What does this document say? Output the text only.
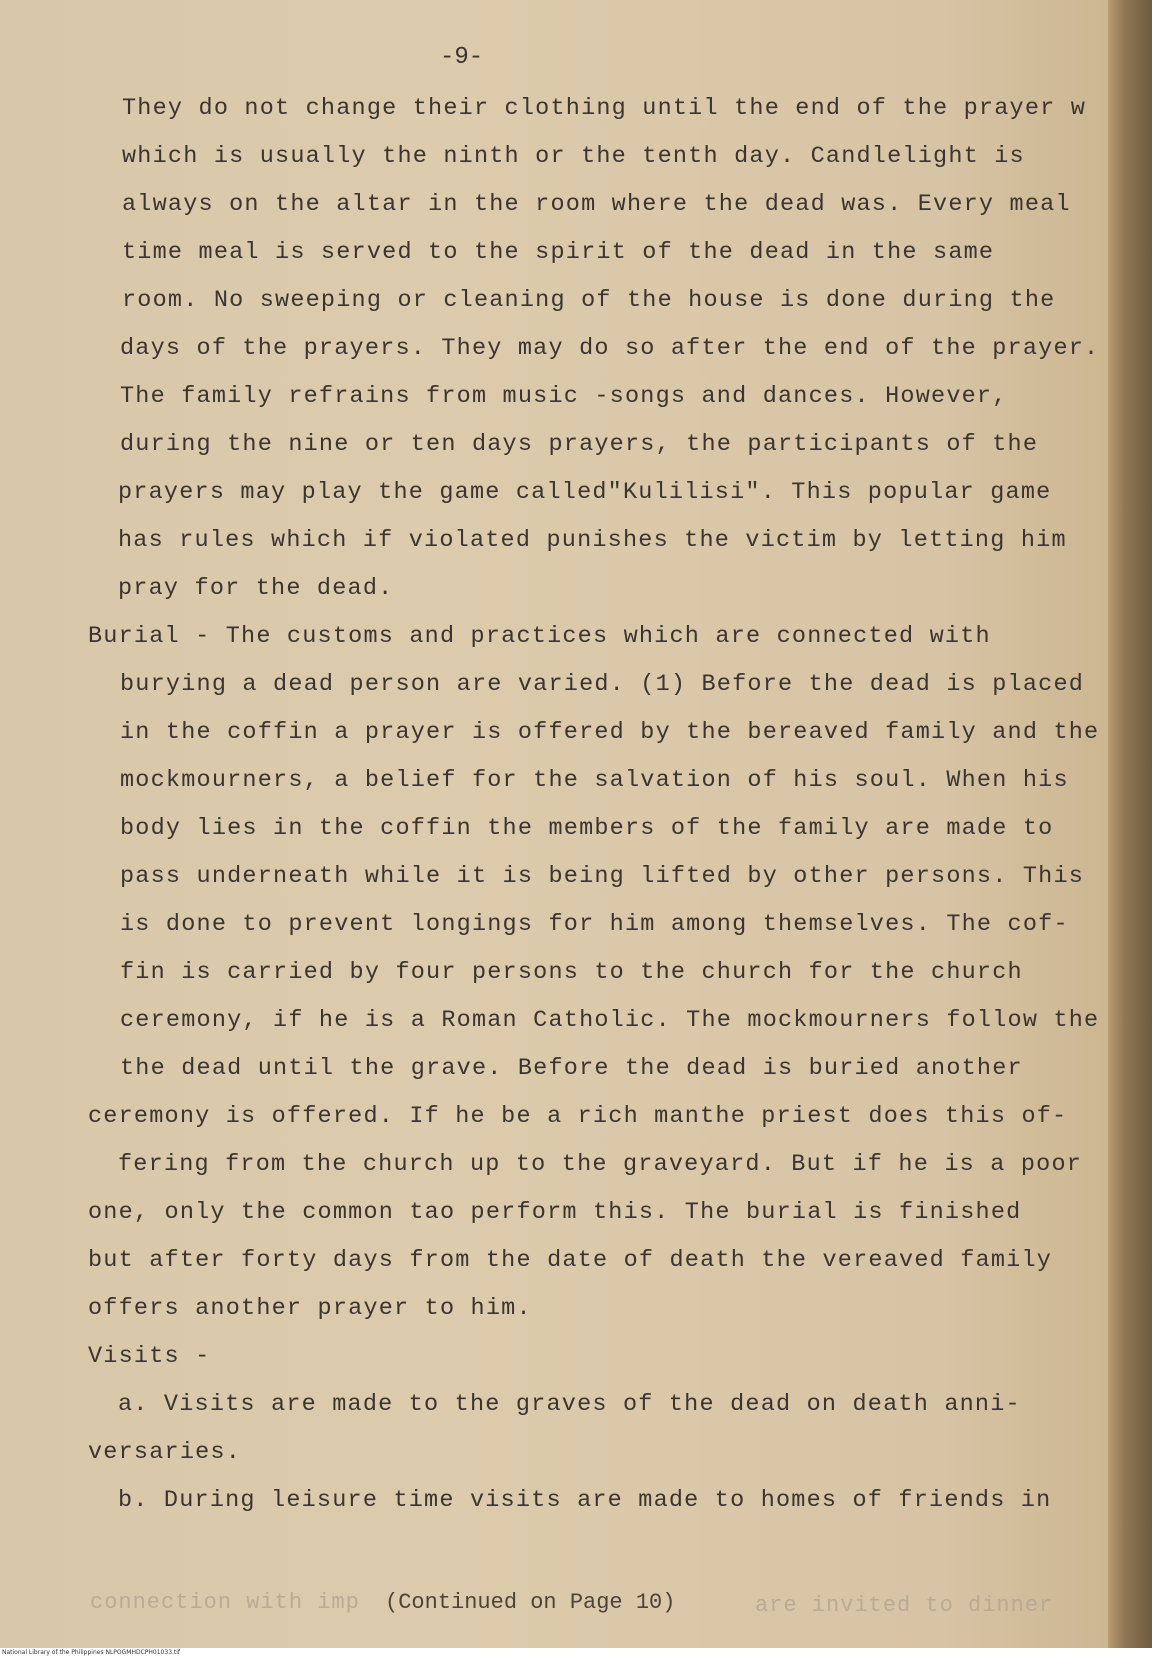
-9-
They do not change their clothing until the end of the prayer w
which is usually the ninth or the tenth day. Candlelight is
always on the altar in the room where the dead was. Every meal
time meal is served to the spirit of the dead in the same
room. No sweeping or cleaning of the house is done during the
days of the prayers. They may do so after the end of the prayer.
The family refrains from music -songs and dances. However,
during the nine or ten days prayers, the participants of the
prayers may play the game called"Kulilisi". This popular game
has rules which if violated punishes the victim by letting him
pray for the dead.
Burial - The customs and practices which are connected with
burying a dead person are varied. (1) Before the dead is placed
in the coffin a prayer is offered by the bereaved family and the
mockmourners, a belief for the salvation of his soul. When his
body lies in the coffin the members of the family are made to
pass underneath while it is being lifted by other persons. This
is done to prevent longings for him among themselves. The cof-
fin is carried by four persons to the church for the church
ceremony, if he is a Roman Catholic. The mockmourners follow the
the dead until the grave. Before the dead is buried another
ceremony is offered. If he be a rich manthe priest does this of-
fering from the church up to the graveyard. But if he is a poor
one, only the common tao perform this. The burial is finished
but after forty days from the date of death the vereaved family
offers another prayer to him.
Visits -
a. Visits are made to the graves of the dead on death anni-
versaries.
b. During leisure time visits are made to homes of friends in
connection with imp	are invited to dinner
(Continued on Page 10)
National Library of the Philippines NLPOGMHDCPH01033.tif
